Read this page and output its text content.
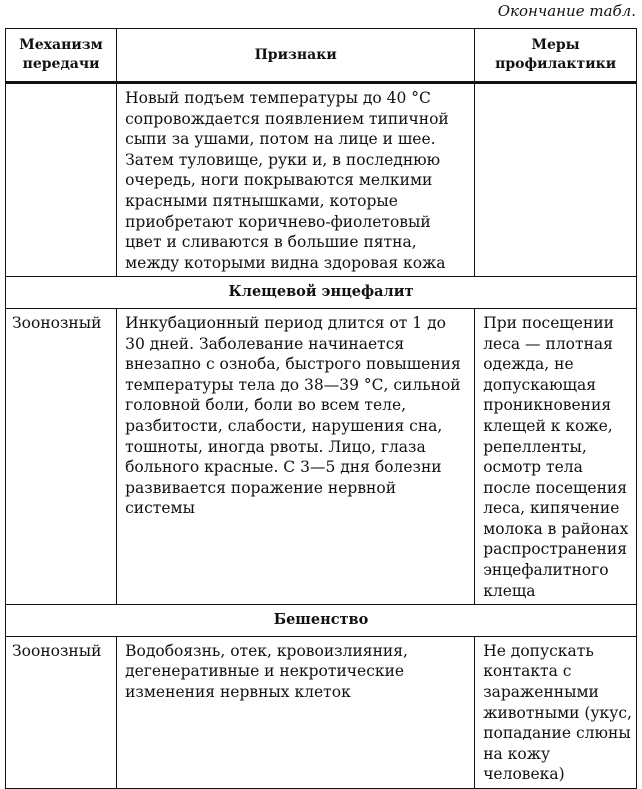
Окончание табл.
Механизм передачи	Признаки	Меры профилактики
	Новый подъем температуры до 40 °С сопровождается появлением типичной сыпи за ушами, потом на лице и шее. Затем туловище, руки и, в последнюю очередь, ноги покрываются мелкими красными пятнышками, которые приобретают коричнево-фиолетовый цвет и сливаются в большие пятна, между которыми видна здоровая кожа	
Клещевой энцефалит		
Зоонозный	Инкубационный период длится от 1 до 30 дней. Заболевание начинается внезапно с озноба, быстрого повышения температуры тела до 38—39 °С, сильной головной боли, боли во всем теле, разбитости, слабости, нарушения сна, тошноты, иногда рвоты. Лицо, глаза больного красные. С 3—5 дня болезни развивается поражение нервной системы	При посещении леса — плотная одежда, не допускающая проникновения клещей к коже, репелленты, осмотр тела после посещения леса, кипячение молока в районах распространения энцефалитного клеща
Бешенство		
Зоонозный	Водобоязнь, отек, кровоизлияния, дегенеративные и некротические изменения нервных клеток	Не допускать контакта с зараженными животными (укус, попадание слюны на кожу человека)
